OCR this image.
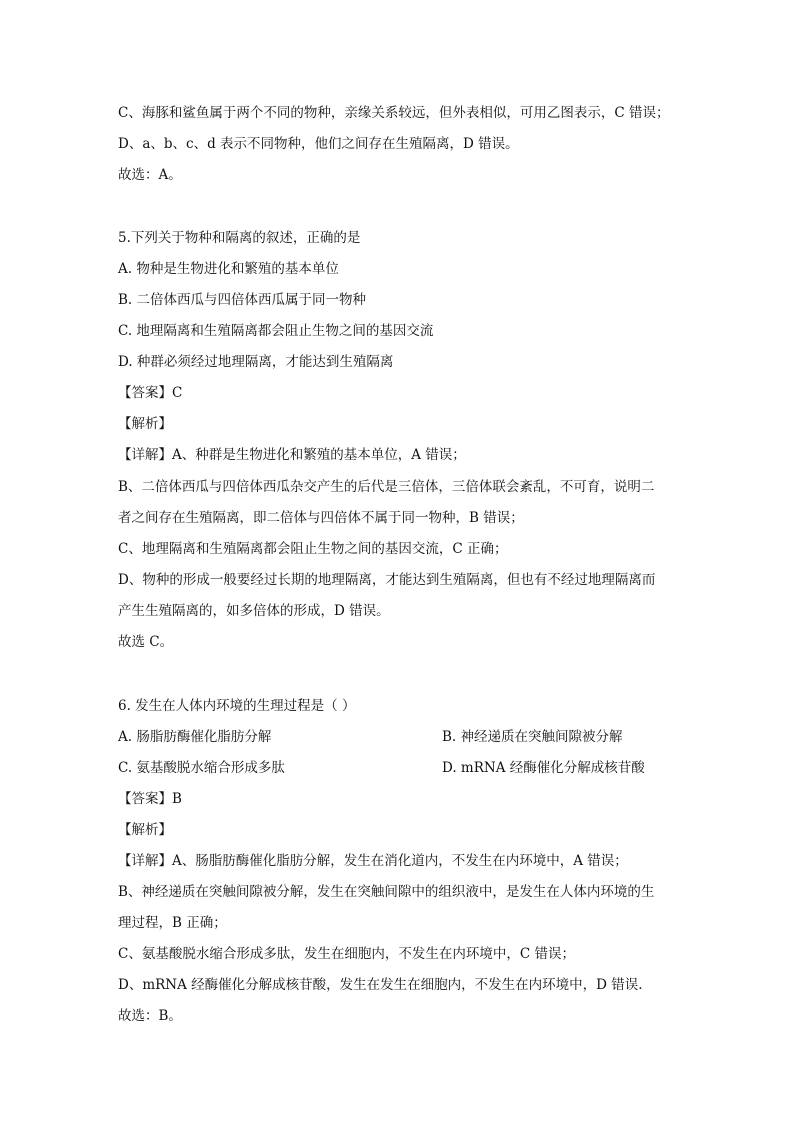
C、海豚和鲨鱼属于两个不同的物种，亲缘关系较远，但外表相似，可用乙图表示，C 错误；
D、a、b、c、d 表示不同物种，他们之间存在生殖隔离，D 错误。
故选：A。
5.下列关于物种和隔离的叙述，正确的是
A. 物种是生物进化和繁殖的基本单位
B. 二倍体西瓜与四倍体西瓜属于同一物种
C. 地理隔离和生殖隔离都会阻止生物之间的基因交流
D. 种群必须经过地理隔离，才能达到生殖隔离
【答案】C
【解析】
【详解】A、种群是生物进化和繁殖的基本单位，A 错误；
B、二倍体西瓜与四倍体西瓜杂交产生的后代是三倍体，三倍体联会紊乱，不可育，说明二
者之间存在生殖隔离，即二倍体与四倍体不属于同一物种，B 错误；
C、地理隔离和生殖隔离都会阻止生物之间的基因交流，C 正确；
D、物种的形成一般要经过长期的地理隔离，才能达到生殖隔离，但也有不经过地理隔离而
产生生殖隔离的，如多倍体的形成，D 错误。
故选 C。
6. 发生在人体内环境的生理过程是（ ）
A. 肠脂肪酶催化脂肪分解	B. 神经递质在突触间隙被分解
C. 氨基酸脱水缩合形成多肽	D. mRNA 经酶催化分解成核苷酸
【答案】B
【解析】
【详解】A、肠脂肪酶催化脂肪分解，发生在消化道内，不发生在内环境中，A 错误；
B、神经递质在突触间隙被分解，发生在突触间隙中的组织液中，是发生在人体内环境的生
理过程，B 正确；
C、氨基酸脱水缩合形成多肽，发生在细胞内，不发生在内环境中，C 错误；
D、mRNA 经酶催化分解成核苷酸，发生在发生在细胞内，不发生在内环境中，D 错误.
故选：B。
